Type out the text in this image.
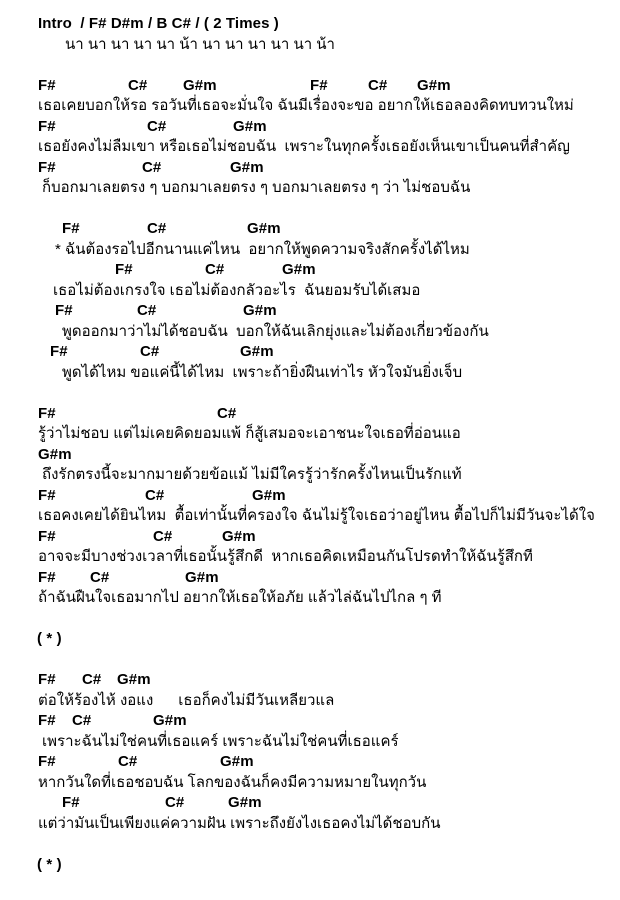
Intro  / F# D#m / B C# / ( 2 Times )
นา นา นา นา นา น้า นา นา นา นา นา น้า
F#	C# G#m	F#	C# G#m
เธอเคยบอกให้รอ รอวันที่เธอจะมั่นใจ ฉันมีเรื่องจะขอ อยากให้เธอลองคิดทบทวนใหม่
F#	C#	G#m
เธอยังคงไม่ลืมเขา หรือเธอไม่ชอบฉัน  เพราะในทุกครั้งเธอยังเห็นเขาเป็นคนที่สำคัญ
F#	C#	G#m
ก็บอกมาเลยตรง ๆ บอกมาเลยตรง ๆ บอกมาเลยตรง ๆ ว่า ไม่ชอบฉัน
F#	C#	G#m
* ฉันต้องรอไปอีกนานแค่ไหน  อยากให้พูดความจริงสักครั้งได้ไหม
F#	C#	G#m
เธอไม่ต้องเกรงใจ เธอไม่ต้องกลัวอะไร  ฉันยอมรับได้เสมอ
F#	C#	G#m
พูดออกมาว่าไม่ได้ชอบฉัน  บอกให้ฉันเลิกยุ่งและไม่ต้องเกี่ยวข้องกัน
F#	C#	G#m
พูดได้ไหม ขอแค่นี้ได้ไหม  เพราะถ้ายิ่งฝืนเท่าไร หัวใจมันยิ่งเจ็บ
F#	C#
รู้ว่าไม่ชอบ แต่ไม่เคยคิดยอมแพ้ ก็สู้เสมอจะเอาชนะใจเธอที่อ่อนแอ
G#m
ถึงรักตรงนี้จะมากมายด้วยข้อแม้ ไม่มีใครรู้ว่ารักครั้งไหนเป็นรักแท้
F#	C#	G#m
เธอคงเคยได้ยินไหม  ตื้อเท่านั้นที่ครองใจ ฉันไม่รู้ใจเธอว่าอยู่ไหน ตื้อไปก็ไม่มีวันจะได้ใจ
F#	C#	G#m
อาจจะมีบางช่วงเวลาที่เธอนั้นรู้สึกดี  หากเธอคิดเหมือนกันโปรดทำให้ฉันรู้สึกที
F# C#	G#m
ถ้าฉันฝืนใจเธอมากไป อยากให้เธอให้อภัย แล้วไล่ฉันไปไกล ๆ ที
( * )
F# C# G#m
ต่อให้ร้องไห้ งอแง      เธอก็คงไม่มีวันเหลียวแล
F# C#	G#m
เพราะฉันไม่ใช่คนที่เธอแคร์ เพราะฉันไม่ใช่คนที่เธอแคร์
F#	C#	G#m
หากวันใดที่เธอชอบฉัน โลกของฉันก็คงมีความหมายในทุกวัน
F#	C#	G#m
แต่ว่ามันเป็นเพียงแค่ความฝัน เพราะถึงยังไงเธอคงไม่ได้ชอบกัน
( * )
